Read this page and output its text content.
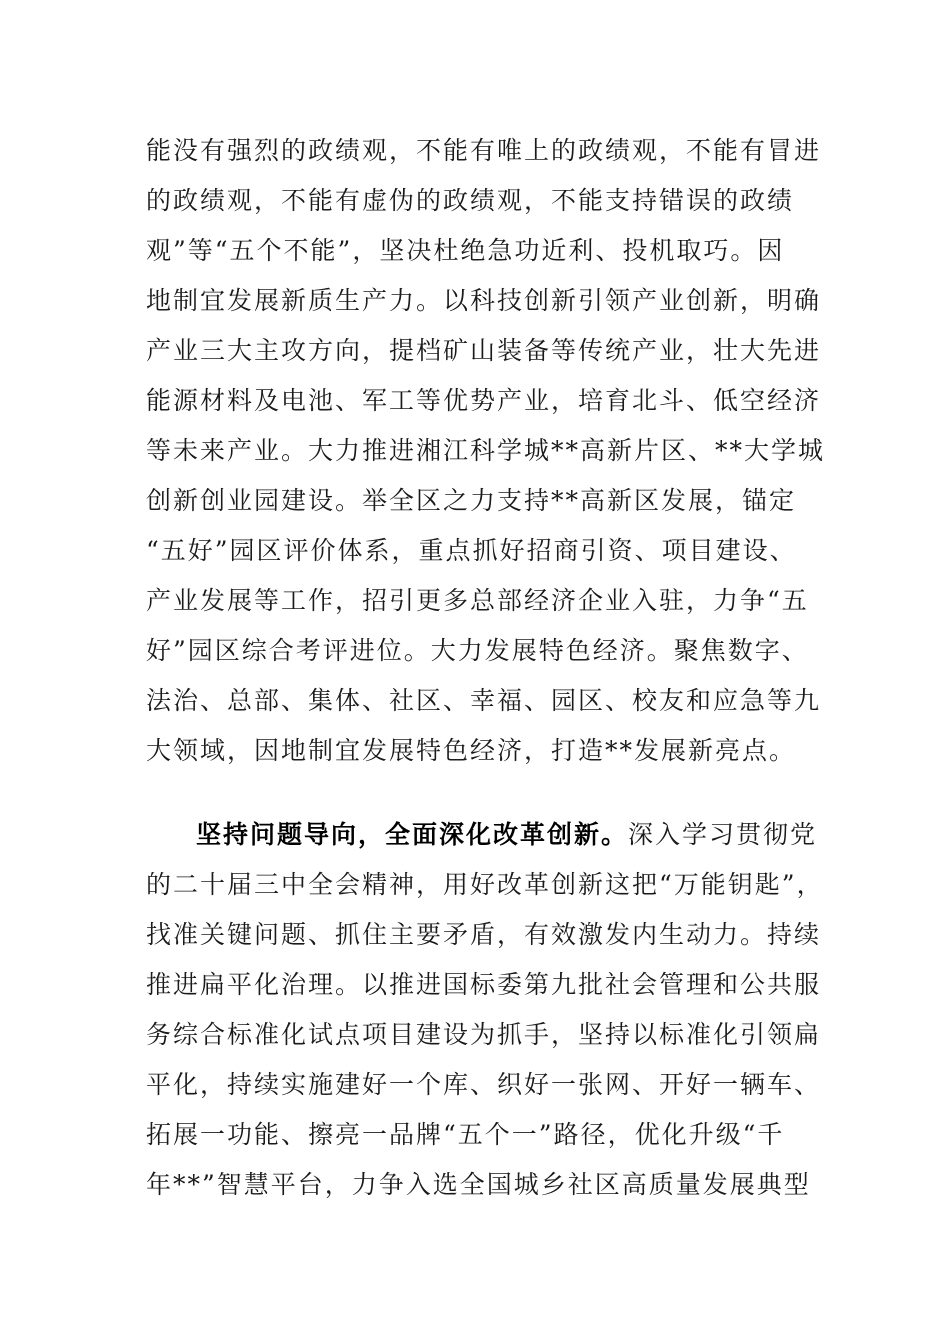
能没有强烈的政绩观，不能有唯上的政绩观，不能有冒进
的政绩观，不能有虚伪的政绩观，不能支持错误的政绩
观”等“五个不能”，坚决杜绝急功近利、投机取巧。因
地制宜发展新质生产力。以科技创新引领产业创新，明确
产业三大主攻方向，提档矿山装备等传统产业，壮大先进
能源材料及电池、军工等优势产业，培育北斗、低空经济
等未来产业。大力推进湘江科学城**高新片区、**大学城
创新创业园建设。举全区之力支持**高新区发展，锚定
“五好”园区评价体系，重点抓好招商引资、项目建设、
产业发展等工作，招引更多总部经济企业入驻，力争“五
好”园区综合考评进位。大力发展特色经济。聚焦数字、
法治、总部、集体、社区、幸福、园区、校友和应急等九
大领域，因地制宜发展特色经济，打造**发展新亮点。
坚持问题导向，全面深化改革创新。深入学习贯彻党
的二十届三中全会精神，用好改革创新这把“万能钥匙”，
找准关键问题、抓住主要矛盾，有效激发内生动力。持续
推进扁平化治理。以推进国标委第九批社会管理和公共服
务综合标准化试点项目建设为抓手，坚持以标准化引领扁
平化，持续实施建好一个库、织好一张网、开好一辆车、
拓展一功能、擦亮一品牌“五个一”路径，优化升级“千
年**”智慧平台，力争入选全国城乡社区高质量发展典型
